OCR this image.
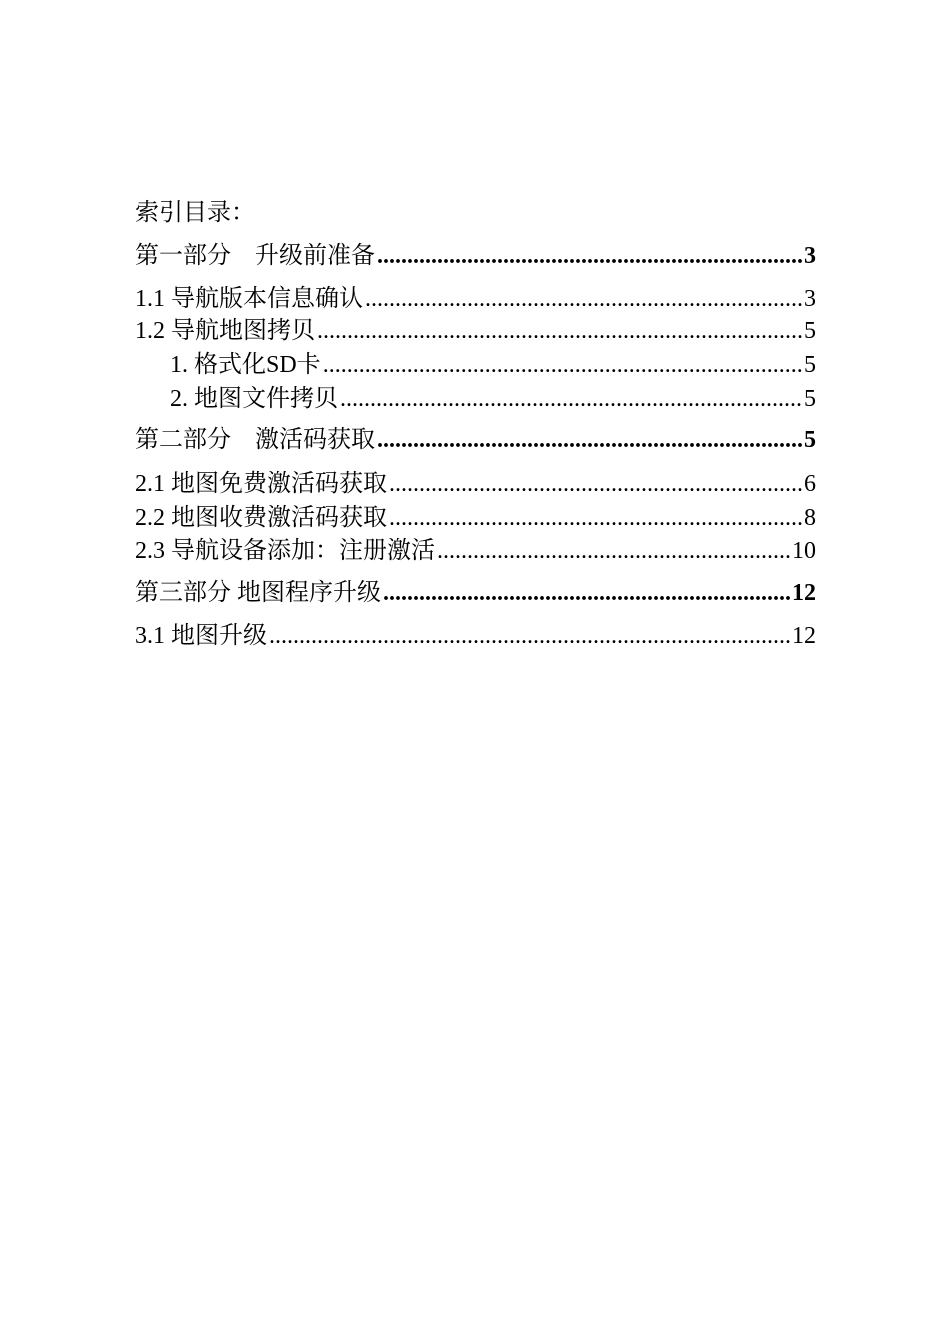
索引目录：
第一部分　升级前准备 .....	3
1.1 导航版本信息确认 .....	3
1.2 导航地图拷贝 .....	5
1. 格式化SD卡 .....	5
2. 地图文件拷贝 .....	5
第二部分　激活码获取 .....	5
2.1 地图免费激活码获取 .....	6
2.2 地图收费激活码获取 .....	8
2.3 导航设备添加：注册激活 .....	10
第三部分 地图程序升级 .....	12
3.1 地图升级 .....	12
